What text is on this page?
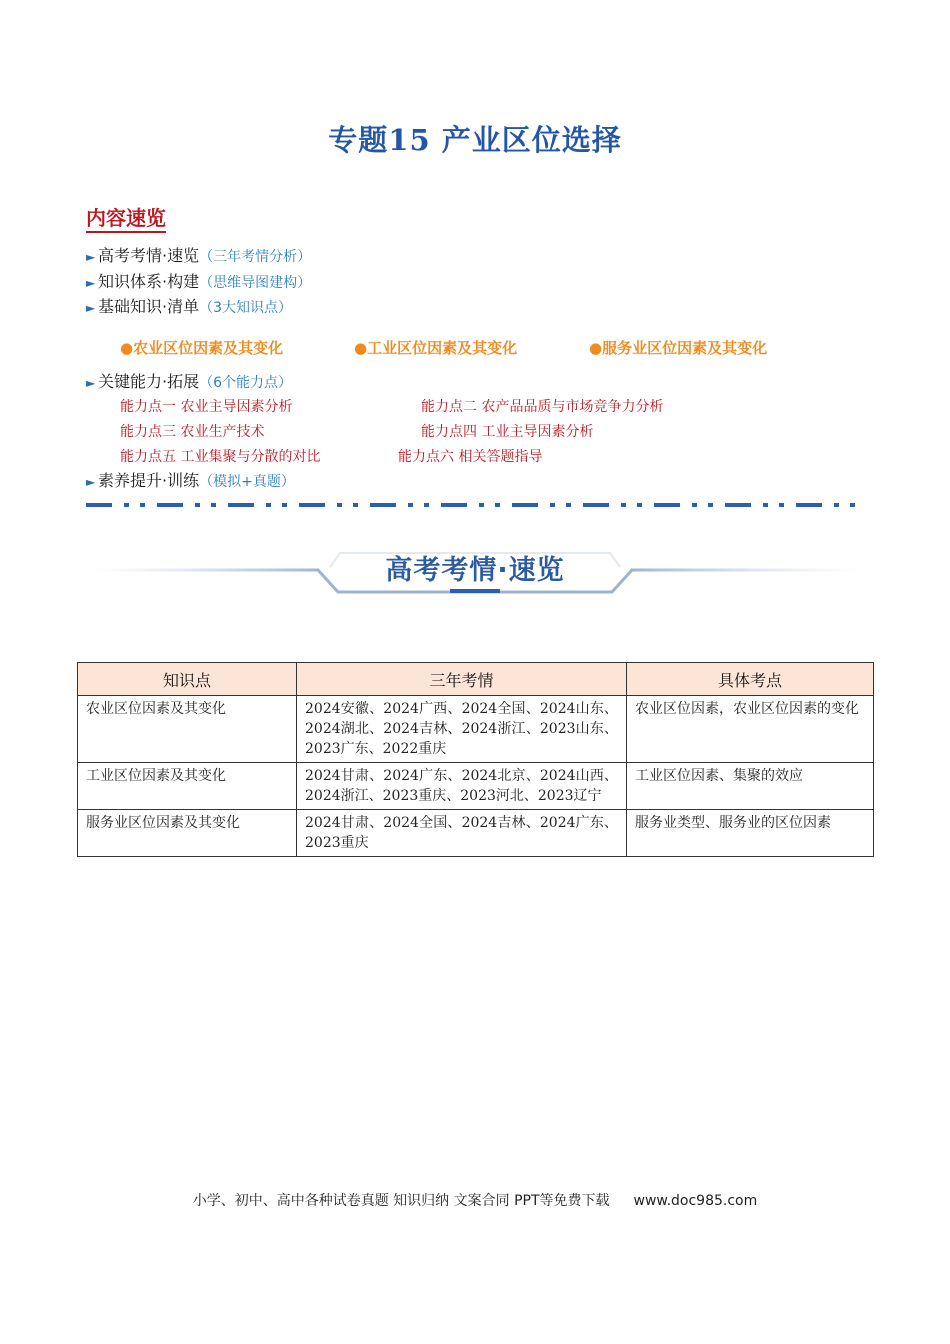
专题15 产业区位选择
内容速览
► 高考考情·速览（三年考情分析）
► 知识体系·构建（思维导图建构）
► 基础知识·清单（3大知识点）
●农业区位因素及其变化	●工业区位因素及其变化	●服务业区位因素及其变化
► 关键能力·拓展（6个能力点）
能力点一 农业主导因素分析	能力点二 农产品品质与市场竞争力分析
能力点三 农业生产技术	能力点四 工业主导因素分析
能力点五 工业集聚与分散的对比	能力点六 相关答题指导
► 素养提升·训练（模拟+真题）
高考考情·速览
知识点	三年考情	具体考点
农业区位因素及其变化	2024安徽、2024广西、2024全国、2024山东、2024湖北、2024吉林、2024浙江、2023山东、2023广东、2022重庆	农业区位因素，农业区位因素的变化
工业区位因素及其变化	2024甘肃、2024广东、2024北京、2024山西、2024浙江、2023重庆、2023河北、2023辽宁	工业区位因素、集聚的效应
服务业区位因素及其变化	2024甘肃、2024全国、2024吉林、2024广东、2023重庆	服务业类型、服务业的区位因素
小学、初中、高中各种试卷真题 知识归纳 文案合同 PPT等免费下载 www.doc985.com
